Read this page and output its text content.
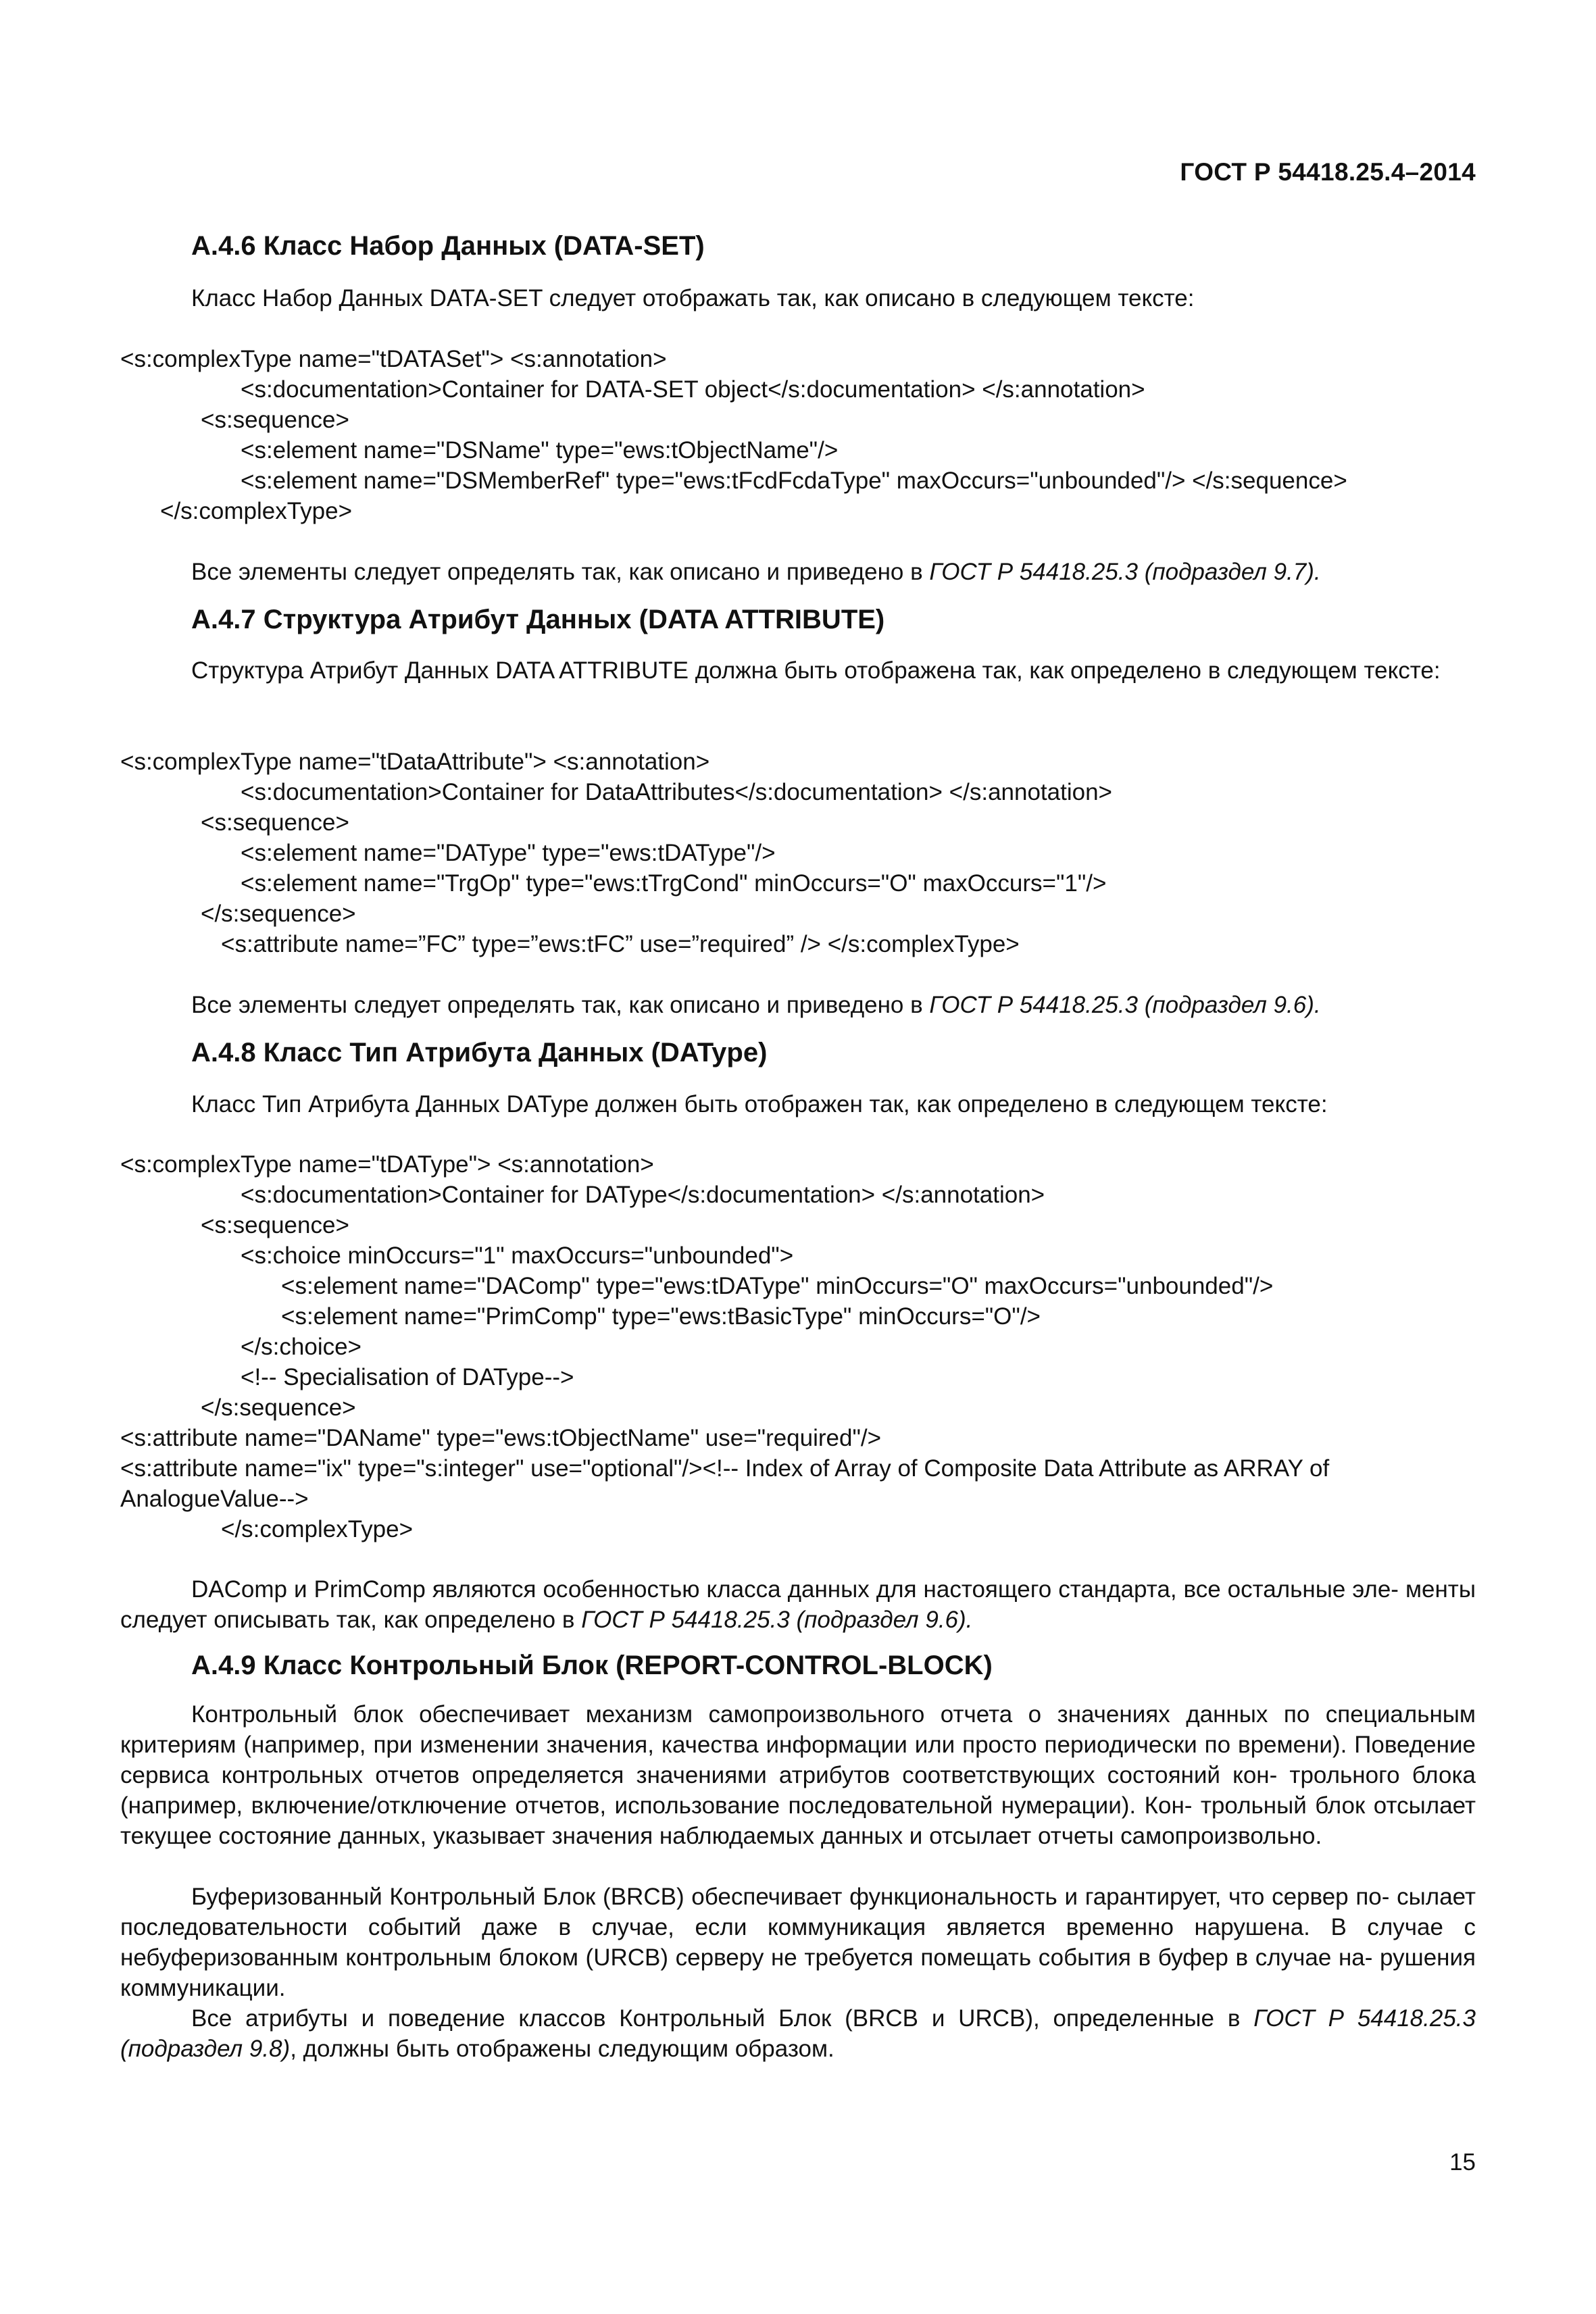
ГОСТ Р 54418.25.4–2014
А.4.6 Класс Набор Данных (DATA-SET)
Класс Набор Данных DATA-SET следует отображать так, как описано в следующем тексте:
<s:complexType name="tDATASet"> <s:annotation>
<s:documentation>Container for DATA-SET object</s:documentation> </s:annotation>
<s:sequence>
<s:element name="DSName" type="ews:tObjectName"/>
<s:element name="DSMemberRef" type="ews:tFcdFcdaType" maxOccurs="unbounded"/> </s:sequence>
</s:complexType>
Все элементы следует определять так, как описано и приведено в ГОСТ Р 54418.25.3 (подраздел 9.7).
А.4.7 Структура Атрибут Данных (DATA ATTRIBUTE)
Структура Атрибут Данных DATA ATTRIBUTE должна быть отображена так, как определено в следующем тексте:
<s:complexType name="tDataAttribute"> <s:annotation>
<s:documentation>Container for DataAttributes</s:documentation> </s:annotation>
<s:sequence>
<s:element name="DAType" type="ews:tDAType"/>
<s:element name="TrgOp" type="ews:tTrgCond" minOccurs="O" maxOccurs="1"/>
</s:sequence>
<s:attribute name=”FC” type=”ews:tFC” use=”required” /> </s:complexType>
Все элементы следует определять так, как описано и приведено в ГОСТ Р 54418.25.3 (подраздел 9.6).
А.4.8 Класс Тип Атрибута Данных (DAType)
Класс Тип Атрибута Данных DAType должен быть отображен так, как определено в следующем тексте:
<s:complexType name="tDAType"> <s:annotation>
<s:documentation>Container for DAType</s:documentation> </s:annotation>
<s:sequence>
<s:choice minOccurs="1" maxOccurs="unbounded">
<s:element name="DAComp" type="ews:tDAType" minOccurs="O" maxOccurs="unbounded"/>
<s:element name="PrimComp" type="ews:tBasicType" minOccurs="O"/>
</s:choice>
<!-- Specialisation of DAType-->
</s:sequence>
<s:attribute name="DAName" type="ews:tObjectName" use="required"/>
<s:attribute name="ix" type="s:integer" use="optional"/><!-- Index of Array of Composite Data Attribute as ARRAY of
AnalogueValue-->
</s:complexType>
DAComp и PrimComp являются особенностью класса данных для настоящего стандарта, все остальные эле- менты следует описывать так, как определено в ГОСТ Р 54418.25.3 (подраздел 9.6).
А.4.9 Класс Контрольный Блок (REPORT-CONTROL-BLOCK)
Контрольный блок обеспечивает механизм самопроизвольного отчета о значениях данных по специальным критериям (например, при изменении значения, качества информации или просто периодически по времени). Поведение сервиса контрольных отчетов определяется значениями атрибутов соответствующих состояний кон- трольного блока (например, включение/отключение отчетов, использование последовательной нумерации). Кон- трольный блок отсылает текущее состояние данных, указывает значения наблюдаемых данных и отсылает отчеты самопроизвольно.
Буферизованный Контрольный Блок (BRCB) обеспечивает функциональность и гарантирует, что сервер по- сылает последовательности событий даже в случае, если коммуникация является временно нарушена. В случае с небуферизованным контрольным блоком (URCB) серверу не требуется помещать события в буфер в случае на- рушения коммуникации.
Все атрибуты и поведение классов Контрольный Блок (BRCB и URCB), определенные в ГОСТ Р 54418.25.3 (подраздел 9.8), должны быть отображены следующим образом.
15
